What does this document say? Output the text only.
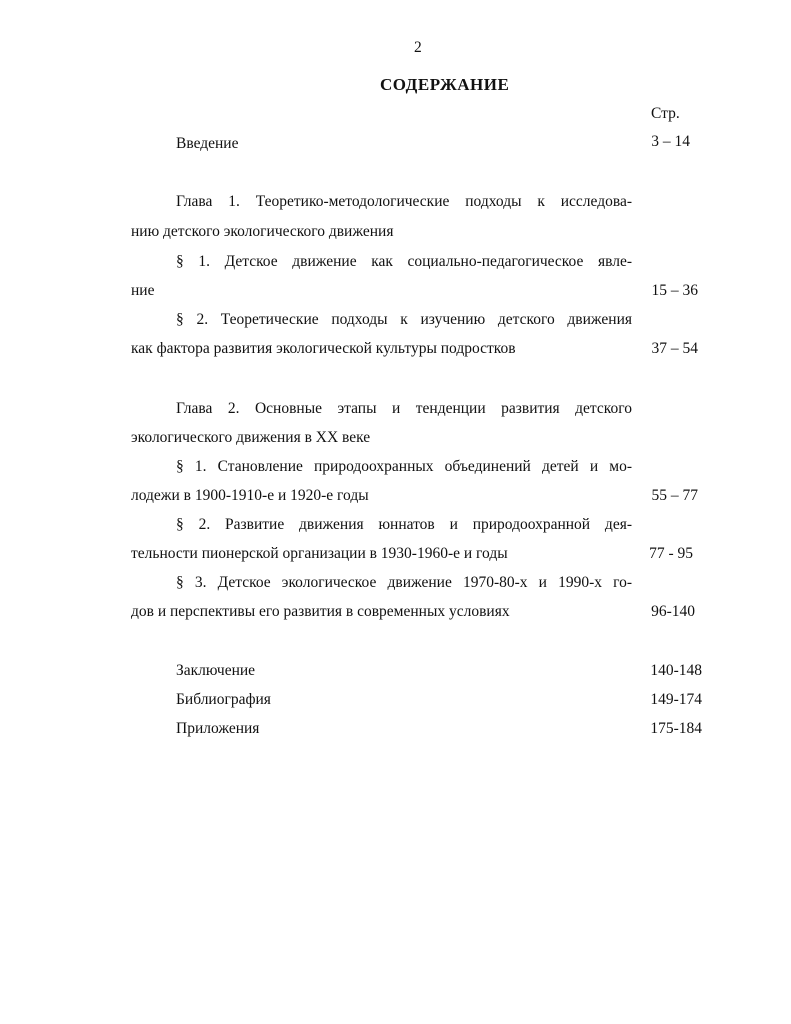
2
СОДЕРЖАНИЕ
Стр.
Введение	3 – 14
Глава 1. Теоретико-методологические подходы к исследова-
нию детского экологического движения
§ 1. Детское движение как социально-педагогическое явле-
ние	15 – 36
§ 2. Теоретические подходы к изучению детского движения
как фактора развития экологической культуры подростков	37 – 54
Глава 2. Основные этапы и тенденции развития детского
экологического движения в XX веке
§ 1. Становление природоохранных объединений детей и мо-
лодежи в 1900-1910-е и 1920-е годы	55 – 77
§ 2. Развитие движения юннатов и природоохранной дея-
тельности пионерской организации в 1930-1960-е и годы	77 - 95
§ 3. Детское экологическое движение 1970-80-х и 1990-х го-
дов и перспективы его развития в современных условиях	96-140
Заключение	140-148
Библиография	149-174
Приложения	175-184
